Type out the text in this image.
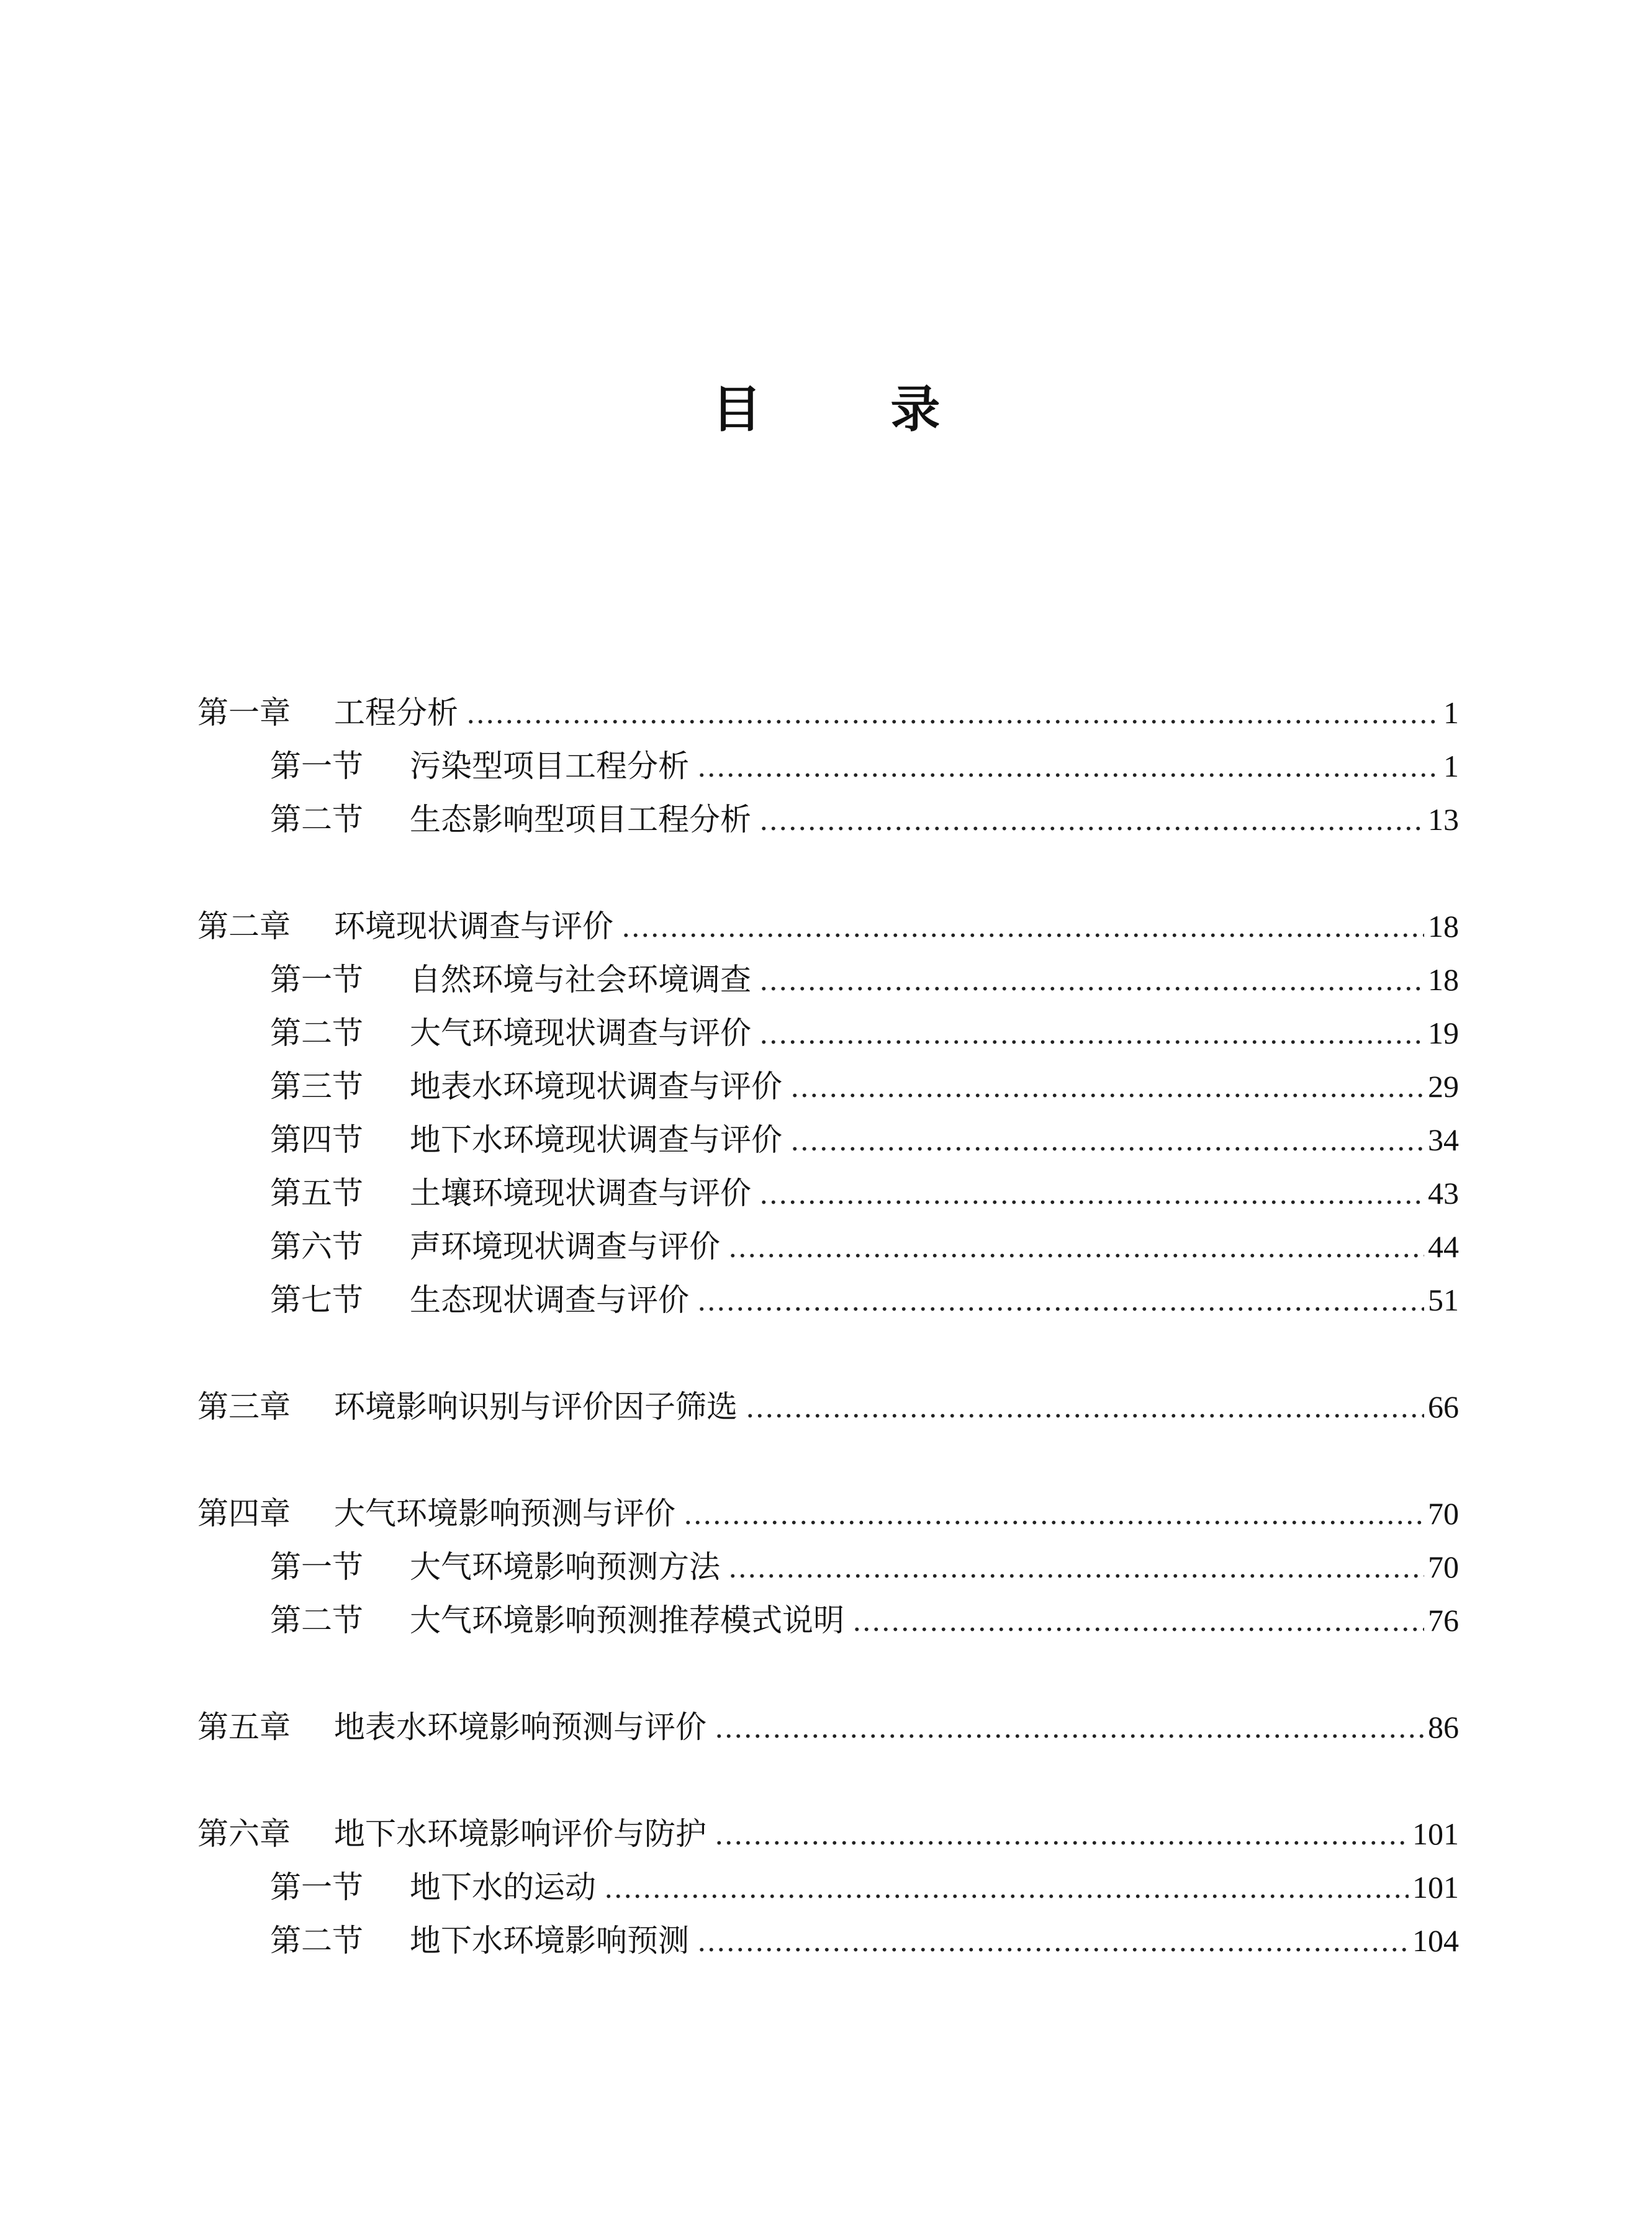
目 录
第一章	工程分析 .....	1
第一节	污染型项目工程分析 .....	1
第二节	生态影响型项目工程分析 .....	13
第二章	环境现状调查与评价 .....	18
第一节	自然环境与社会环境调查 .....	18
第二节	大气环境现状调查与评价 .....	19
第三节	地表水环境现状调查与评价 .....	29
第四节	地下水环境现状调查与评价 .....	34
第五节	土壤环境现状调查与评价 .....	43
第六节	声环境现状调查与评价 .....	44
第七节	生态现状调查与评价 .....	51
第三章	环境影响识别与评价因子筛选 .....	66
第四章	大气环境影响预测与评价 .....	70
第一节	大气环境影响预测方法 .....	70
第二节	大气环境影响预测推荐模式说明 .....	76
第五章	地表水环境影响预测与评价 .....	86
第六章	地下水环境影响评价与防护 .....	101
第一节	地下水的运动 .....	101
第二节	地下水环境影响预测 .....	104
